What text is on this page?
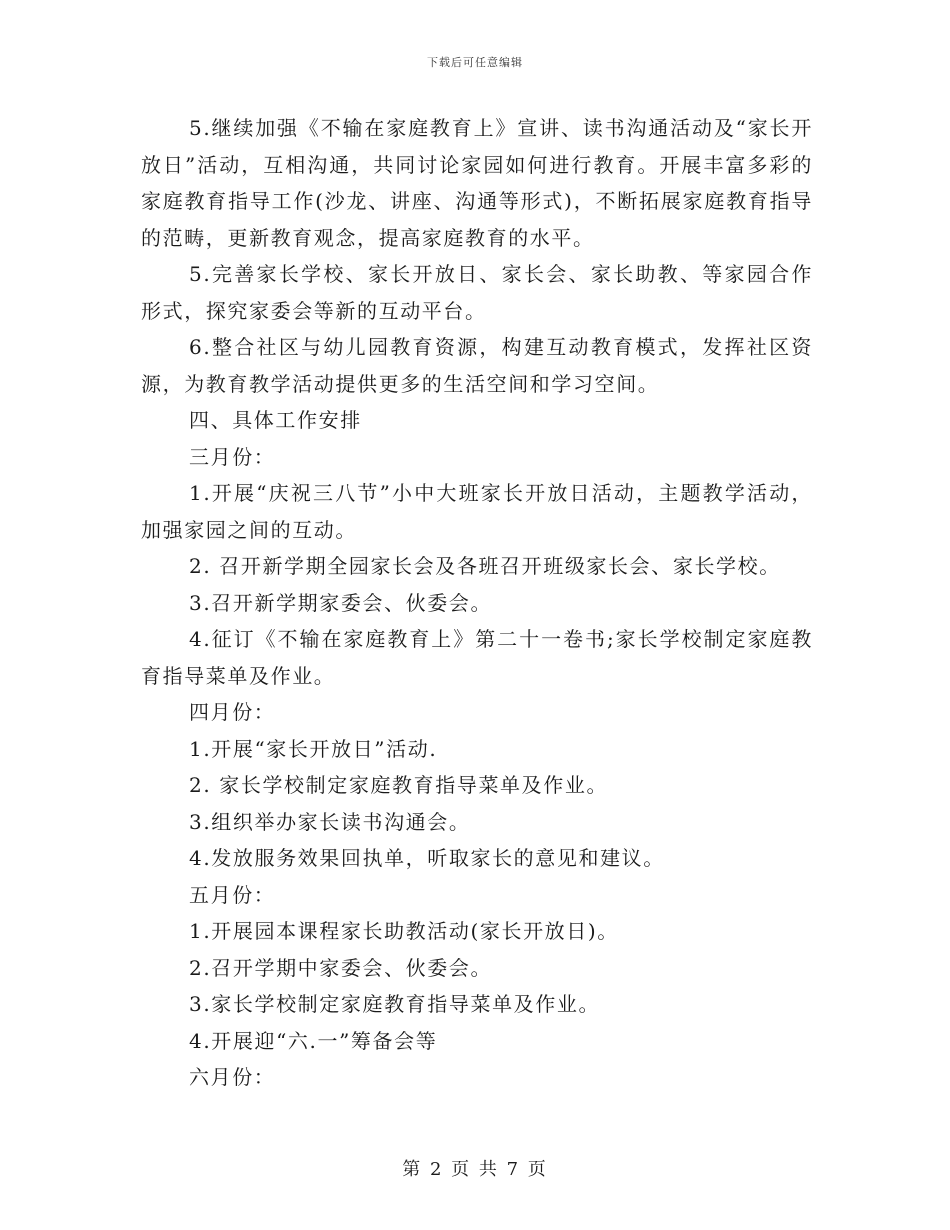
下载后可任意编辑

5.继续加强《不输在家庭教育上》宣讲、读书沟通活动及“家长开放日”活动，互相沟通，共同讨论家园如何进行教育。开展丰富多彩的家庭教育指导工作(沙龙、讲座、沟通等形式)，不断拓展家庭教育指导的范畴，更新教育观念，提高家庭教育的水平。

5.完善家长学校、家长开放日、家长会、家长助教、等家园合作形式，探究家委会等新的互动平台。

6.整合社区与幼儿园教育资源，构建互动教育模式，发挥社区资源，为教育教学活动提供更多的生活空间和学习空间。

四、具体工作安排

三月份：

1.开展“庆祝三八节”小中大班家长开放日活动，主题教学活动，加强家园之间的互动。

2. 召开新学期全园家长会及各班召开班级家长会、家长学校。

3.召开新学期家委会、伙委会。

4.征订《不输在家庭教育上》第二十一卷书;家长学校制定家庭教育指导菜单及作业。

四月份：

1.开展“家长开放日”活动.

2. 家长学校制定家庭教育指导菜单及作业。

3.组织举办家长读书沟通会。

4.发放服务效果回执单，听取家长的意见和建议。

五月份：

1.开展园本课程家长助教活动(家长开放日)。

2.召开学期中家委会、伙委会。

3.家长学校制定家庭教育指导菜单及作业。

4.开展迎“六.一”筹备会等

六月份：

第 2 页 共 7 页
